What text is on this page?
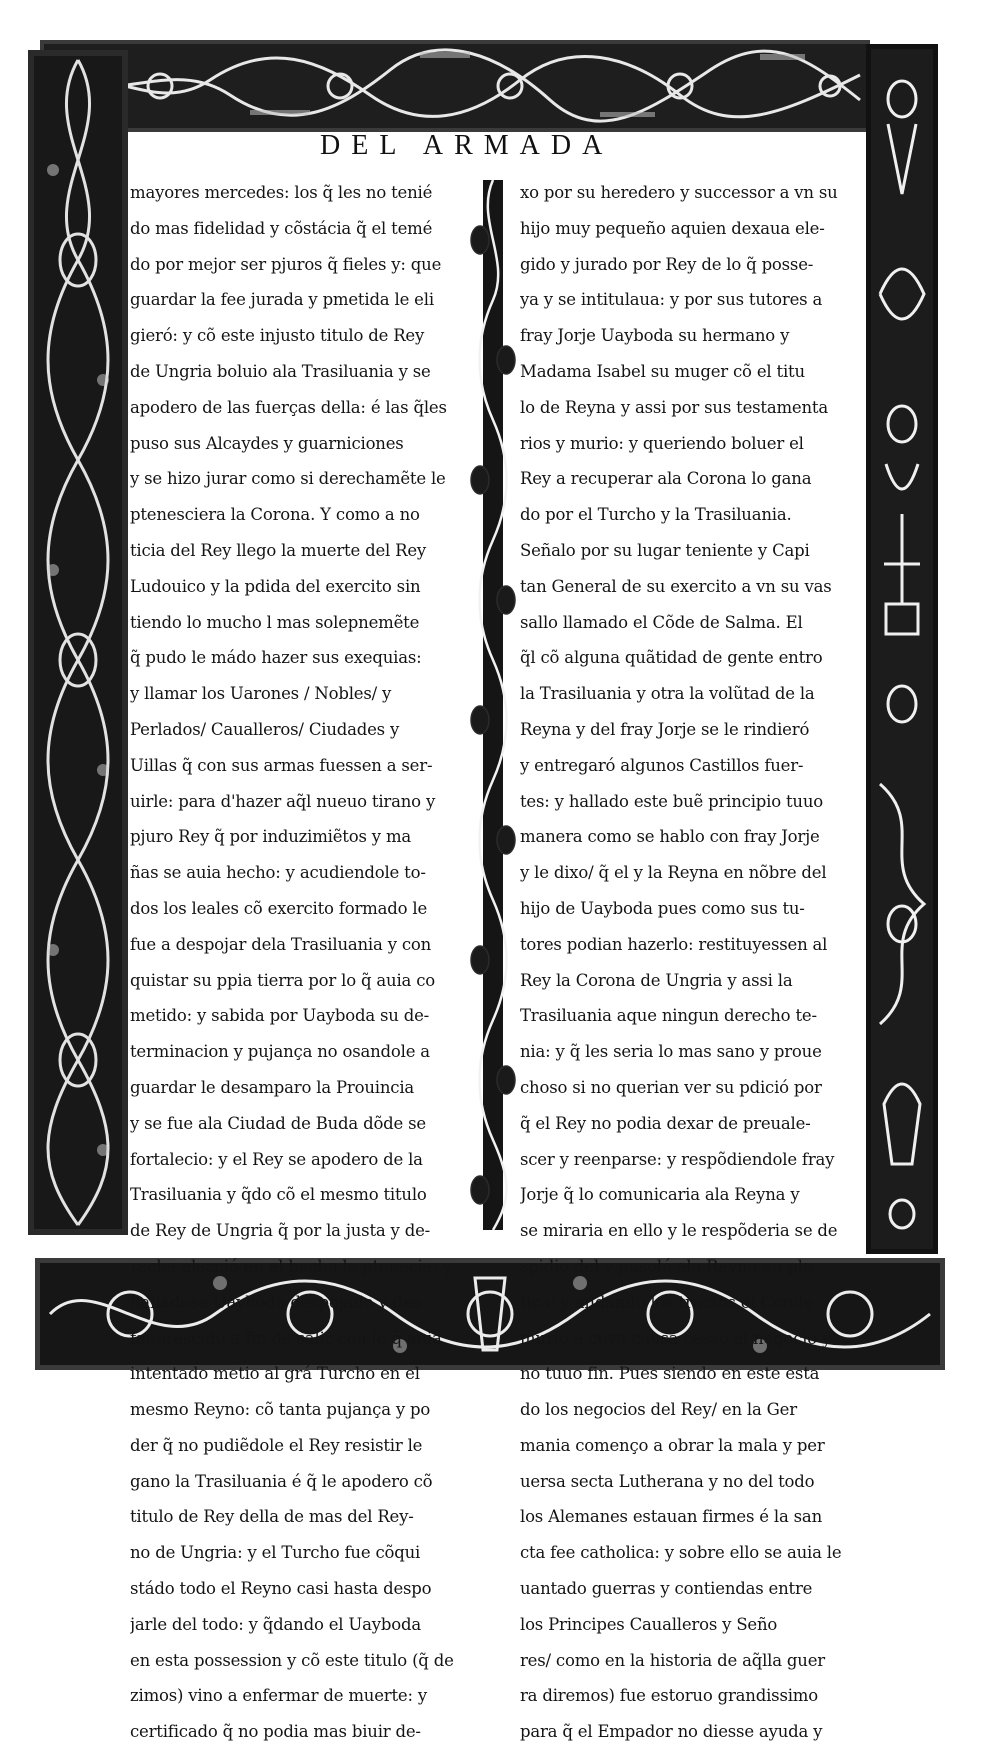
DEL ARMADA
mayores mercedes: los q̃ les no tenié
do mas fidelidad y cõstácia q̃ el temé
do por mejor ser pjuros q̃ fieles y: que
guardar la fee jurada y pmetida le eli
gieró: y cõ este injusto titulo de Rey
de Ungria boluio ala Trasiluania y se
apodero de las fuerças della: é las q̃les
puso sus Alcaydes y guarniciones
y se hizo jurar como si derechamẽte le
ptenesciera la Corona. Y como a no
ticia del Rey llego la muerte del Rey
Ludouico y la pdida del exercito sin
tiendo lo mucho l mas solepnemẽte
q̃ pudo le mádo hazer sus exequias:
y llamar los Uarones / Nobles/ y
Perlados/ Caualleros/ Ciudades y
Uillas q̃ con sus armas fuessen a ser-
uirle: para d'hazer aq̃l nueuo tirano y
pjuro Rey q̃ por induzimiẽtos y ma
ñas se auia hecho: y acudiendole to-
dos los leales cõ exercito formado le
fue a despojar dela Trasiluania y con
quistar su ppia tierra por lo q̃ auia co
metido: y sabida por Uayboda su de-
terminacion y pujança no osandole a
guardar le desamparo la Prouincia
y se fue ala Ciudad de Buda dõde se
fortalecio: y el Rey se apodero de la
Trasiluania y q̃do cõ el mesmo titulo
de Rey de Ungria q̃ por la justa y de-
recha elecció en el hecha le ptenecia: y
halládose Uayboda despojado y des-
fauorescido a fin de salir con lo q̃ auia
intentado metio al grá Turcho en el
mesmo Reyno: cõ tanta pujança y po
der q̃ no pudiẽdole el Rey resistir le
gano la Trasiluania é q̃ le apodero cõ
titulo de Rey della de mas del Rey-
no de Ungria: y el Turcho fue cõqui
stádo todo el Reyno casi hasta despo
jarle del todo: y q̃dando el Uayboda
en esta possession y cõ este titulo (q̃ de
zimos) vino a enfermar de muerte: y
certificado q̃ no podia mas biuir de-
xo por su heredero y successor a vn su
hijo muy pequeño aquien dexaua ele-
gido y jurado por Rey de lo q̃ posse-
ya y se intitulaua: y por sus tutores a
fray Jorje Uayboda su hermano y
Madama Isabel su muger cõ el titu
lo de Reyna y assi por sus testamenta
rios y murio: y queriendo boluer el
Rey a recuperar ala Corona lo gana
do por el Turcho y la Trasiluania.
Señalo por su lugar teniente y Capi
tan General de su exercito a vn su vas
sallo llamado el Cõde de Salma. El
q̃l cõ alguna quãtidad de gente entro
la Trasiluania y otra la volũtad de la
Reyna y del fray Jorje se le rindieró
y entregaró algunos Castillos fuer-
tes: y hallado este buẽ principio tuuo
manera como se hablo con fray Jorje
y le dixo/ q̃ el y la Reyna en nõbre del
hijo de Uayboda pues como sus tu-
tores podian hazerlo: restituyessen al
Rey la Corona de Ungria y assi la
Trasiluania aque ningun derecho te-
nia: y q̃ les seria lo mas sano y proue
choso si no querian ver su pdició por
q̃ el Rey no podia dexar de preuale-
scer y reenparse: y respõdiendole fray
Jorje q̃ lo comunicaria ala Reyna y
se miraria en ello y le respõderia se de
spidio del y pusoló ala Reyna en pla-
tica: y andando los tractos el Conde
murio a cuya causa cesso el negocio y
no tuuo fin. Pues siendo en este esta
do los negocios del Rey/ en la Ger
mania començo a obrar la mala y per
uersa secta Lutherana y no del todo
los Alemanes estauan firmes é la san
cta fee catholica: y sobre ello se auia le
uantado guerras y contiendas entre
los Principes Caualleros y Seño
res/ como en la historia de aq̃lla guer
ra diremos) fue estoruo grandissimo
para q̃ el Empador no diesse ayuda y
